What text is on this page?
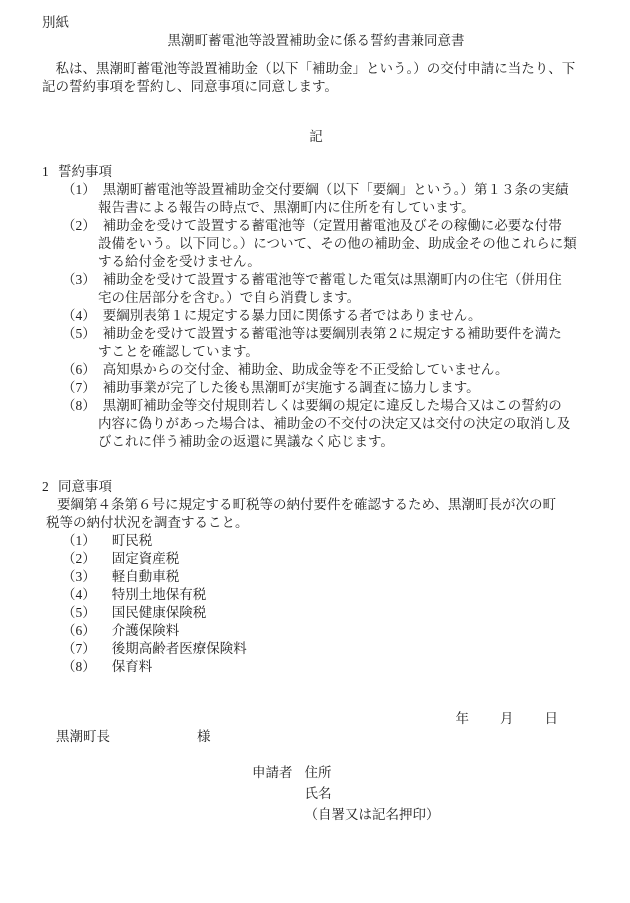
別紙
黒潮町蓄電池等設置補助金に係る誓約書兼同意書
私は、黒潮町蓄電池等設置補助金（以下「補助金」という。）の交付申請に当たり、下
記の誓約事項を誓約し、同意事項に同意します。
記
1 誓約事項
（1） 黒潮町蓄電池等設置補助金交付要綱（以下「要綱」という。）第１３条の実績
報告書による報告の時点で、黒潮町内に住所を有しています。
（2） 補助金を受けて設置する蓄電池等（定置用蓄電池及びその稼働に必要な付帯
設備をいう。以下同じ。）について、その他の補助金、助成金その他これらに類
する給付金を受けません。
（3） 補助金を受けて設置する蓄電池等で蓄電した電気は黒潮町内の住宅（併用住
宅の住居部分を含む。）で自ら消費します。
（4） 要綱別表第１に規定する暴力団に関係する者ではありません。
（5） 補助金を受けて設置する蓄電池等は要綱別表第２に規定する補助要件を満た
すことを確認しています。
（6） 高知県からの交付金、補助金、助成金等を不正受給していません。
（7） 補助事業が完了した後も黒潮町が実施する調査に協力します。
（8） 黒潮町補助金等交付規則若しくは要綱の規定に違反した場合又はこの誓約の
内容に偽りがあった場合は、補助金の不交付の決定又は交付の決定の取消し及
びこれに伴う補助金の返還に異議なく応じます。
2 同意事項
要綱第４条第６号に規定する町税等の納付要件を確認するため、黒潮町長が次の町
税等の納付状況を調査すること。
（1） 町民税
（2） 固定資産税
（3） 軽自動車税
（4） 特別土地保有税
（5） 国民健康保険税
（6） 介護保険料
（7） 後期高齢者医療保険料
（8） 保育料
年 月 日
黒潮町長	様
申請者 住所
氏名
（自署又は記名押印）
